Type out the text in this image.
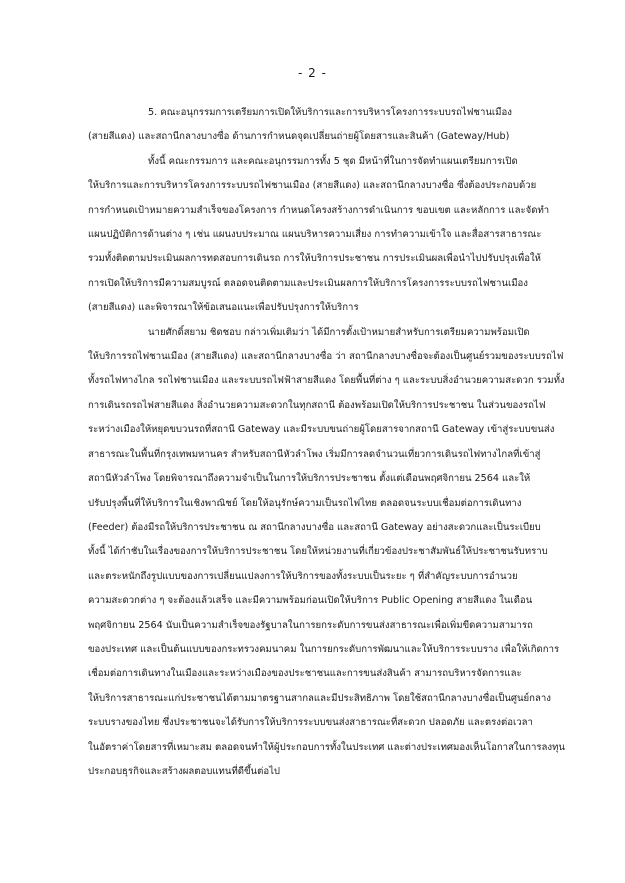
- 2 -

5. คณะอนุกรรมการเตรียมการเปิดให้บริการและการบริหารโครงการระบบรถไฟชานเมือง

(สายสีแดง) และสถานีกลางบางซื่อ ด้านการกำหนดจุดเปลี่ยนถ่ายผู้โดยสารและสินค้า (Gateway/Hub)

ทั้งนี้ คณะกรรมการ และคณะอนุกรรมการทั้ง 5 ชุด มีหน้าที่ในการจัดทำแผนเตรียมการเปิด

ให้บริการและการบริหารโครงการระบบรถไฟชานเมือง (สายสีแดง) และสถานีกลางบางซื่อ ซึ่งต้องประกอบด้วย

การกำหนดเป้าหมายความสำเร็จของโครงการ กำหนดโครงสร้างการดำเนินการ ขอบเขต และหลักการ และจัดทำ

แผนปฏิบัติการด้านต่าง ๆ เช่น แผนงบประมาณ แผนบริหารความเสี่ยง การทำความเข้าใจ และสื่อสารสาธารณะ

รวมทั้งติดตามประเมินผลการทดสอบการเดินรถ การให้บริการประชาชน การประเมินผลเพื่อนำไปปรับปรุงเพื่อให้

การเปิดให้บริการมีความสมบูรณ์ ตลอดจนติดตามและประเมินผลการให้บริการโครงการระบบรถไฟชานเมือง

(สายสีแดง) และพิจารณาให้ข้อเสนอแนะเพื่อปรับปรุงการให้บริการ

นายศักดิ์สยาม ชิดชอบ กล่าวเพิ่มเติมว่า ได้มีการตั้งเป้าหมายสำหรับการเตรียมความพร้อมเปิด

ให้บริการรถไฟชานเมือง (สายสีแดง) และสถานีกลางบางซื่อ ว่า สถานีกลางบางซื่อจะต้องเป็นศูนย์รวมของระบบรถไฟ

ทั้งรถไฟทางไกล รถไฟชานเมือง และระบบรถไฟฟ้าสายสีแดง โดยพื้นที่ต่าง ๆ และระบบสิ่งอำนวยความสะดวก รวมทั้ง

การเดินรถรถไฟสายสีแดง สิ่งอำนวยความสะดวกในทุกสถานี ต้องพร้อมเปิดให้บริการประชาชน ในส่วนของรถไฟ

ระหว่างเมืองให้หยุดขบวนรถที่สถานี Gateway และมีระบบขนถ่ายผู้โดยสารจากสถานี Gateway เข้าสู่ระบบขนส่ง

สาธารณะในพื้นที่กรุงเทพมหานคร สำหรับสถานีหัวลำโพง เริ่มมีการลดจำนวนเที่ยวการเดินรถไฟทางไกลที่เข้าสู่

สถานีหัวลำโพง โดยพิจารณาถึงความจำเป็นในการให้บริการประชาชน ตั้งแต่เดือนพฤศจิกายน 2564 และให้

ปรับปรุงพื้นที่ให้บริการในเชิงพาณิชย์ โดยให้อนุรักษ์ความเป็นรถไฟไทย ตลอดจนระบบเชื่อมต่อการเดินทาง

(Feeder) ต้องมีรถให้บริการประชาชน ณ สถานีกลางบางซื่อ และสถานี Gateway อย่างสะดวกและเป็นระเบียบ

ทั้งนี้ ได้กำชับในเรื่องของการให้บริการประชาชน โดยให้หน่วยงานที่เกี่ยวข้องประชาสัมพันธ์ให้ประชาชนรับทราบ

และตระหนักถึงรูปแบบของการเปลี่ยนแปลงการให้บริการของทั้งระบบเป็นระยะ ๆ ที่สำคัญระบบการอำนวย

ความสะดวกต่าง ๆ จะต้องแล้วเสร็จ และมีความพร้อมก่อนเปิดให้บริการ Public Opening สายสีแดง ในเดือน

พฤศจิกายน 2564 นับเป็นความสำเร็จของรัฐบาลในการยกระดับการขนส่งสาธารณะเพื่อเพิ่มขีดความสามารถ

ของประเทศ และเป็นต้นแบบของกระทรวงคมนาคม ในการยกระดับการพัฒนาและให้บริการระบบราง เพื่อให้เกิดการ

เชื่อมต่อการเดินทางในเมืองและระหว่างเมืองของประชาชนและการขนส่งสินค้า สามารถบริหารจัดการและ

ให้บริการสาธารณะแก่ประชาชนได้ตามมาตรฐานสากลและมีประสิทธิภาพ โดยใช้สถานีกลางบางซื่อเป็นศูนย์กลาง

ระบบรางของไทย ซึ่งประชาชนจะได้รับการให้บริการระบบขนส่งสาธารณะที่สะดวก ปลอดภัย และตรงต่อเวลา

ในอัตราค่าโดยสารที่เหมาะสม ตลอดจนทำให้ผู้ประกอบการทั้งในประเทศ และต่างประเทศมองเห็นโอกาสในการลงทุน

ประกอบธุรกิจและสร้างผลตอบแทนที่ดีขึ้นต่อไป
